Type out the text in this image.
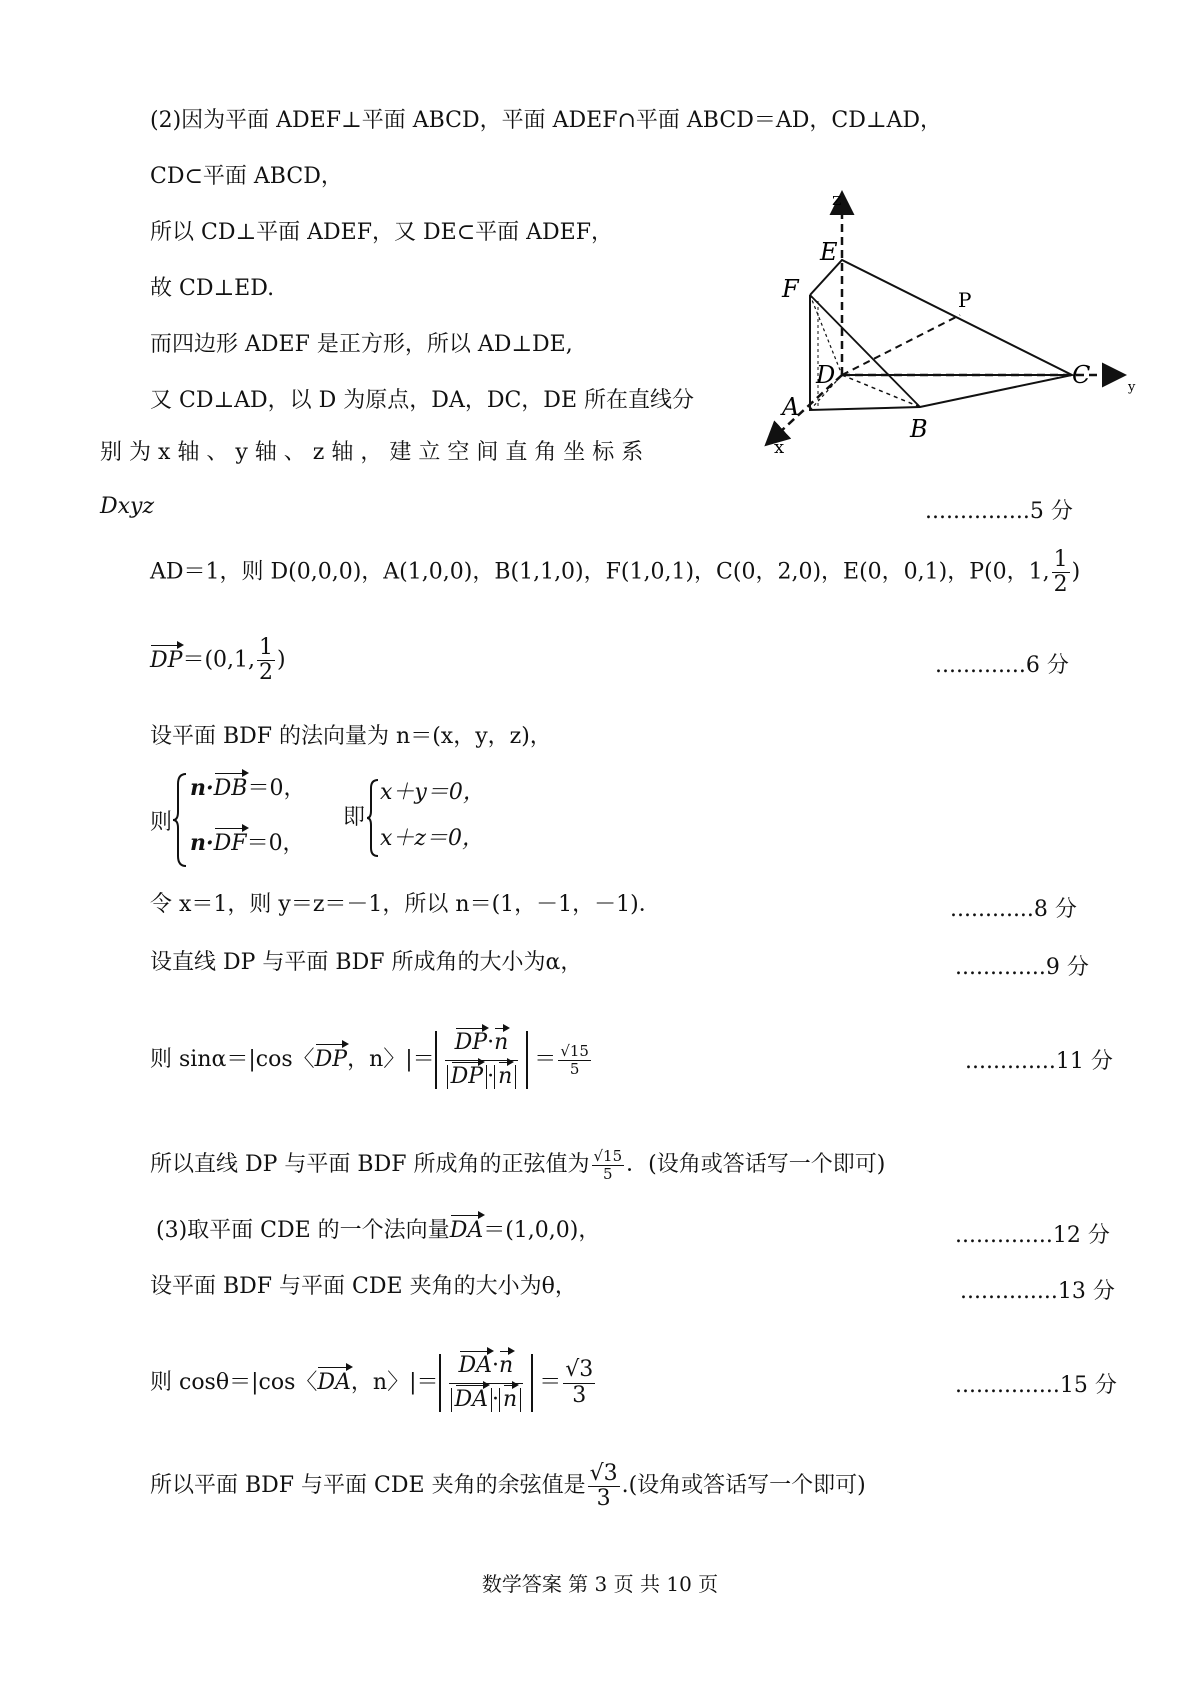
(2)因为平面 ADEF⊥平面 ABCD，平面 ADEF∩平面 ABCD＝AD，CD⊥AD，
CD⊂平面 ABCD，
所以 CD⊥平面 ADEF，又 DE⊂平面 ADEF，
故 CD⊥ED.
而四边形 ADEF 是正方形，所以 AD⊥DE,
又 CD⊥AD，以 D 为原点，DA，DC，DE 所在直线分
别 为 x 轴 、 y 轴 、 z 轴 ， 建 立 空 间 直 角 坐 标 系
Dxyz	...............5 分
z
x
y
E
F	P
D
A
B
C
AD＝1，则 D(0,0,0)，A(1,0,0)，B(1,1,0)，F(1,0,1)，C(0，2,0)，E(0，0,1)，P(0，1, $\frac{1}{2}$ )
DP＝(0,1, $\frac{1}{2}$ )	.............6 分
设平面 BDF 的法向量为 n＝(x，y，z)，
则
n·DB＝0，
n·DF＝0，
即
x＋y＝0，
x＋z＝0，
令 x＝1，则 y＝z＝－1，所以 n＝(1，－1，－1)．	............8 分
设直线 DP 与平面 BDF 所成角的大小为α，	.............9 分
则 sinα＝|cos〈 DP ，n〉|＝ $\frac{DP\cdot n}{DP \cdot n} = \frac{√15}{5}$	.............11 分
所以直线 DP 与平面 BDF 所成角的正弦值为 $\frac{√15}{5}$ ．(设角或答话写一个即可)
(3)取平面 CDE 的一个法向量DA＝(1,0,0)，	..............12 分
设平面 BDF 与平面 CDE 夹角的大小为θ，	..............13 分
则 cosθ＝|cos〈 DA ，n〉|＝ $\frac{DA\cdot n}{DA \cdot n} = \frac{√3}{3}$	...............15 分
所以平面 BDF 与平面 CDE 夹角的余弦值是 $\frac{√3}{3}$ .(设角或答话写一个即可)
数学答案 第 3 页 共 10 页
